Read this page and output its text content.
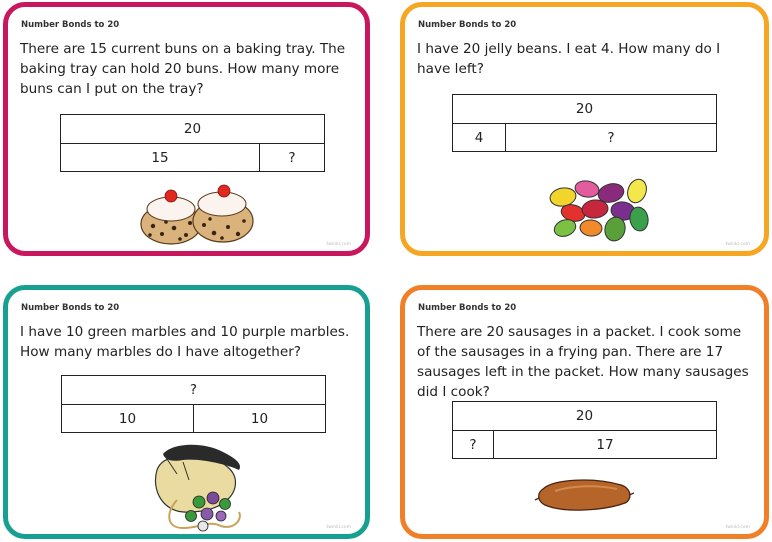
Number Bonds to 20
There are 15 current buns on a baking tray. The baking tray can hold 20 buns. How many more buns can I put on the tray?
20
15	?
twinkl.com
Number Bonds to 20
I have 20 jelly beans. I eat 4. How many do I have left?
20
4	?
twinkl.com
Number Bonds to 20
I have 10 green marbles and 10 purple marbles. How many marbles do I have altogether?
?
10	10
twinkl.com
Number Bonds to 20
There are 20 sausages in a packet. I cook some of the sausages in a frying pan. There are 17 sausages left in the packet. How many sausages did I cook?
20
?	17
twinkl.com
